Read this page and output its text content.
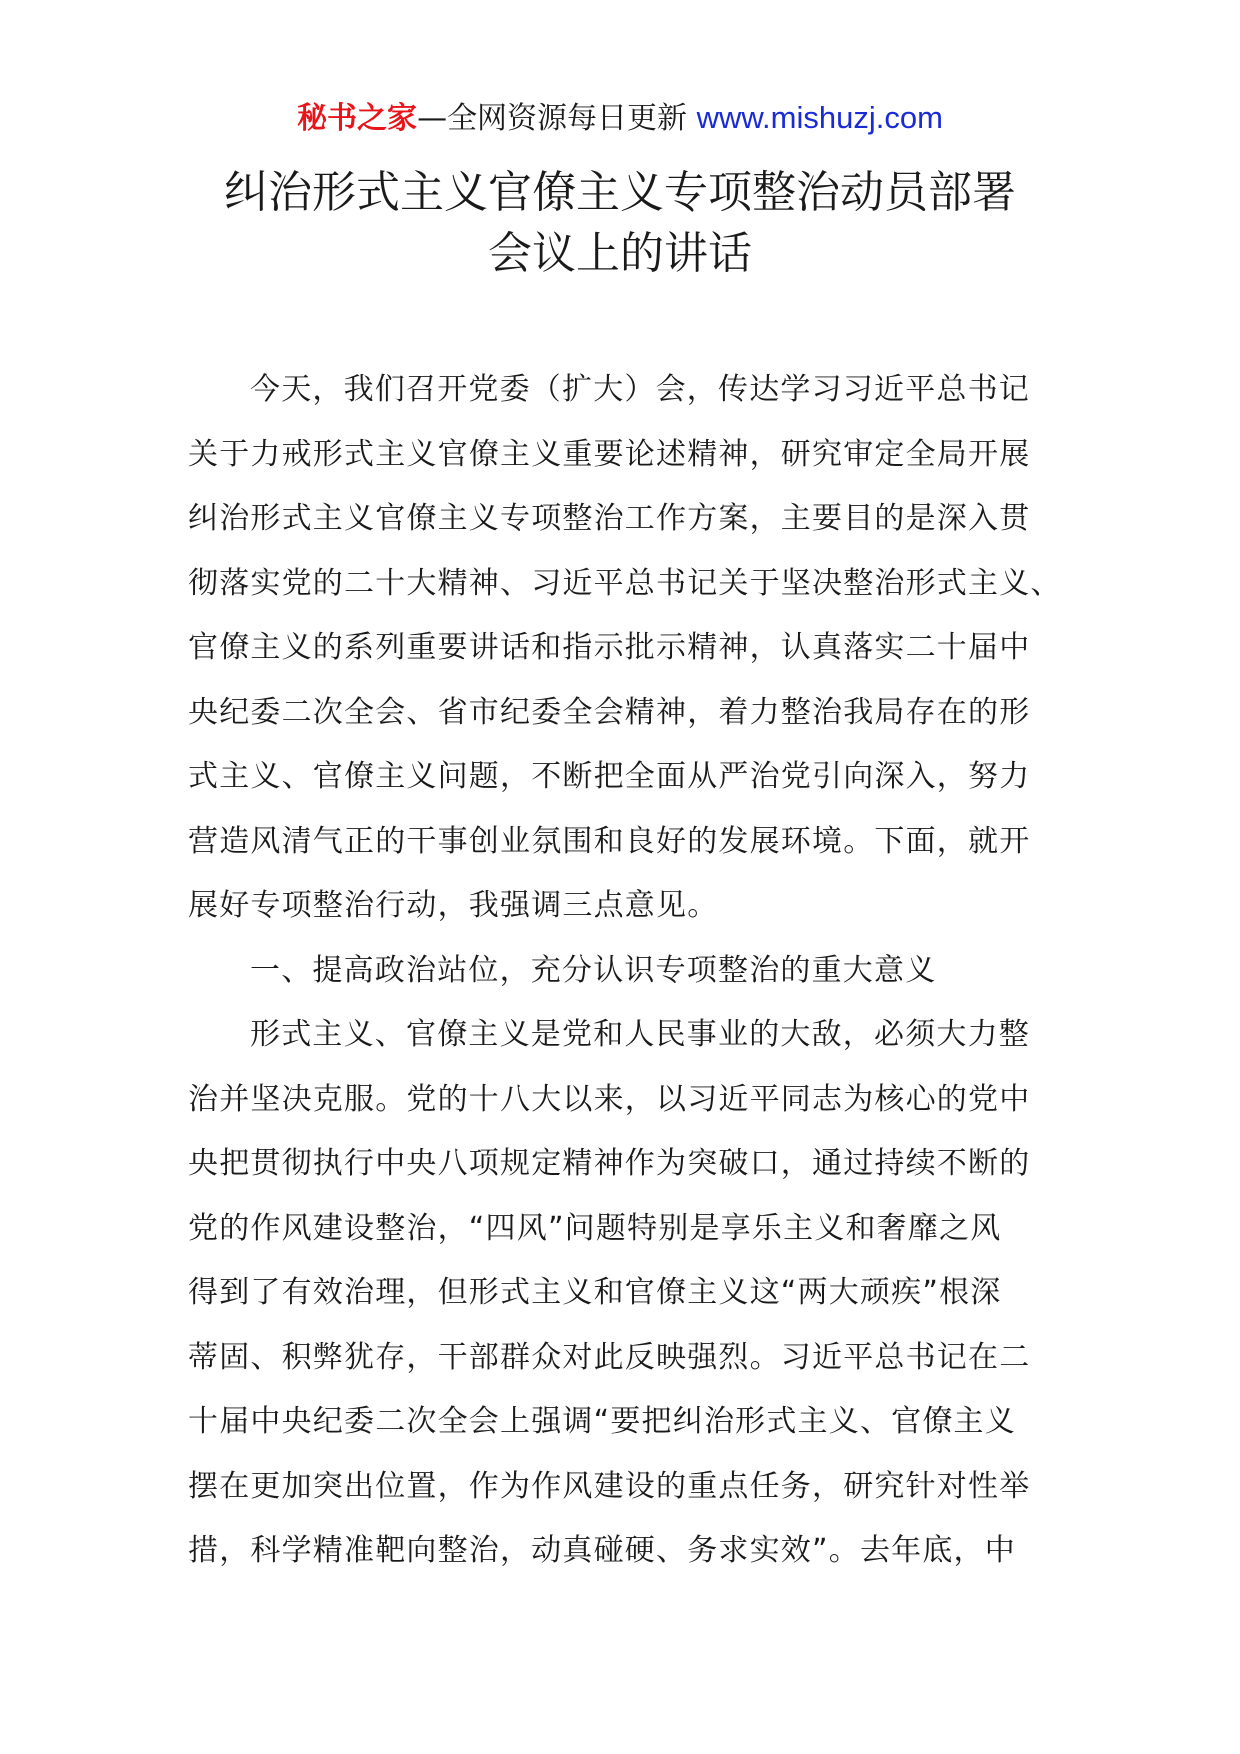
秘书之家—全网资源每日更新 www.mishuzj.com
纠治形式主义官僚主义专项整治动员部署
会议上的讲话

今天，我们召开党委（扩大）会，传达学习习近平总书记
关于力戒形式主义官僚主义重要论述精神，研究审定全局开展
纠治形式主义官僚主义专项整治工作方案，主要目的是深入贯
彻落实党的二十大精神、习近平总书记关于坚决整治形式主义、
官僚主义的系列重要讲话和指示批示精神，认真落实二十届中
央纪委二次全会、省市纪委全会精神，着力整治我局存在的形
式主义、官僚主义问题，不断把全面从严治党引向深入，努力
营造风清气正的干事创业氛围和良好的发展环境。下面，就开
展好专项整治行动，我强调三点意见。

一、提高政治站位，充分认识专项整治的重大意义

形式主义、官僚主义是党和人民事业的大敌，必须大力整
治并坚决克服。党的十八大以来，以习近平同志为核心的党中
央把贯彻执行中央八项规定精神作为突破口，通过持续不断的
党的作风建设整治，“四风”问题特别是享乐主义和奢靡之风
得到了有效治理，但形式主义和官僚主义这“两大顽疾”根深
蒂固、积弊犹存，干部群众对此反映强烈。习近平总书记在二
十届中央纪委二次全会上强调“要把纠治形式主义、官僚主义
摆在更加突出位置，作为作风建设的重点任务，研究针对性举
措，科学精准靶向整治，动真碰硬、务求实效”。去年底，中
